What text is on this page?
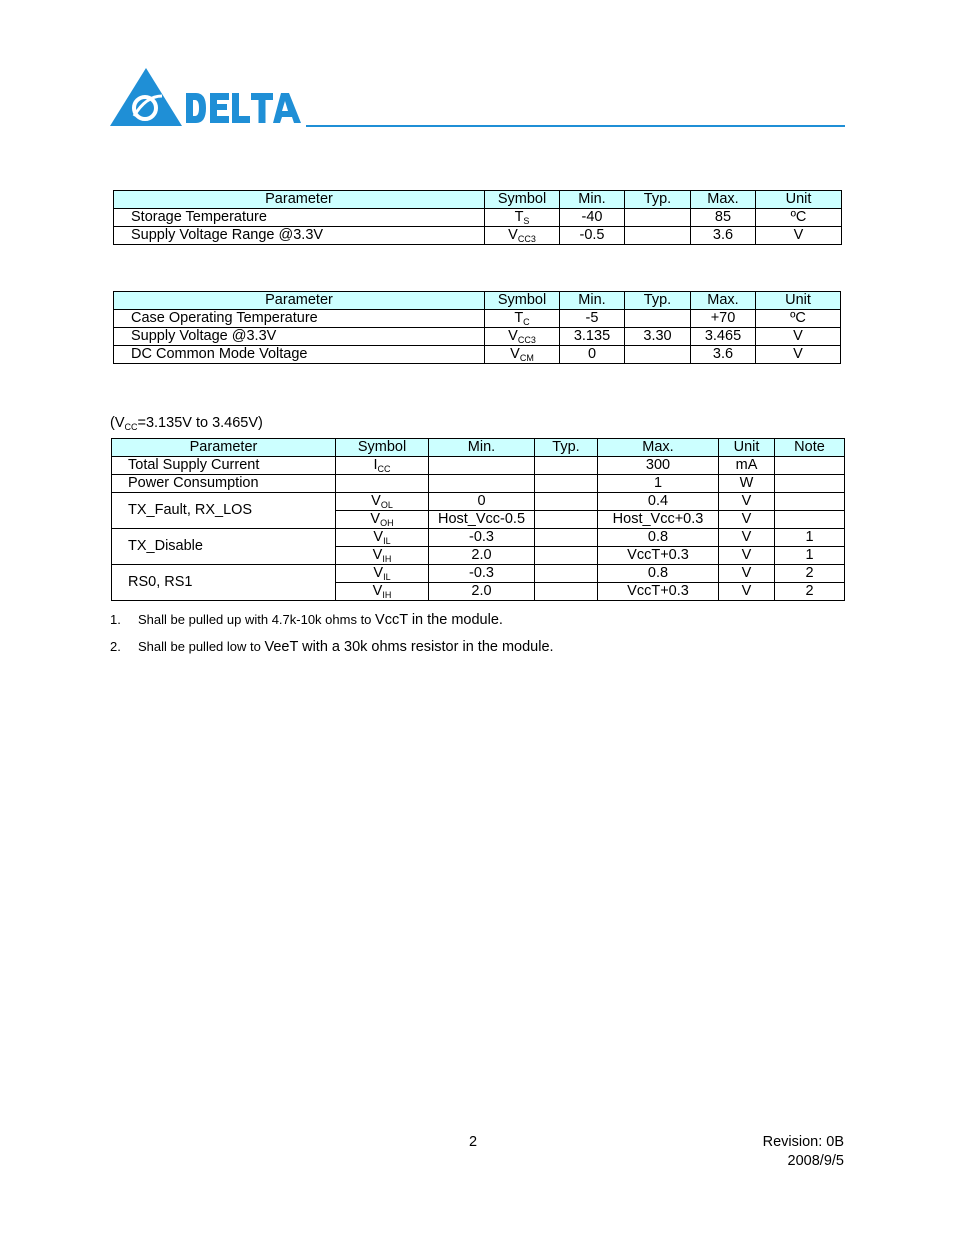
Parameter	Symbol	Min.	Typ.	Max.	Unit
Storage Temperature	$T_S$	-40		85	ºC
Supply Voltage Range @3.3V	$V_{CC3}$	-0.5		3.6	V
Parameter	Symbol	Min.	Typ.	Max.	Unit
Case Operating Temperature	$T_C$	-5		+70	ºC
Supply Voltage @3.3V	$V_{CC3}$	3.135	3.30	3.465	V
DC Common Mode Voltage	$V_{CM}$	0		3.6	V
($V_{CC}=3.135V$ to 3.465V)
Parameter	Symbol	Min.	Typ.	Max.	Unit	Note
Total Supply Current	$I_{CC}$			300	mA	
Power Consumption				1	W	
TX_Fault, RX_LOS	$V_{OL}$	0		0.4	V	
	$V_{OH}$	Host_Vcc-0.5		Host_Vcc+0.3	V	
TX_Disable	$V_{IL}$	-0.3		0.8	V	1
	$V_{IH}$	2.0		VccT+0.3	V	1
RS0, RS1	$V_{IL}$	-0.3		0.8	V	2
	$V_{IH}$	2.0		VccT+0.3	V	2
1. Shall be pulled up with 4.7k-10k ohms to VccT in the module.
2. Shall be pulled low to VeeT with a 30k ohms resistor in the module.
2	Revision: 0B
2008/9/5
